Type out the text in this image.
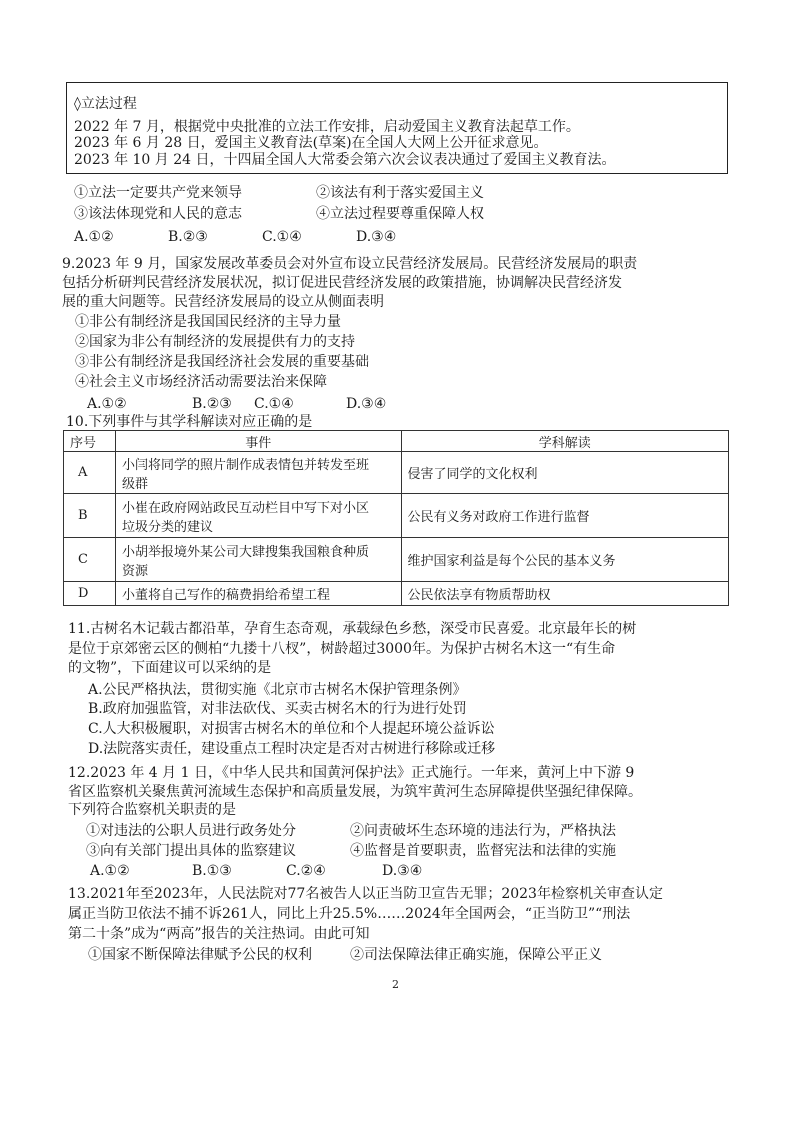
◊立法过程
2022 年 7 月，根据党中央批准的立法工作安排，启动爱国主义教育法起草工作。
2023 年 6 月 28 日，爱国主义教育法(草案)在全国人大网上公开征求意见。
2023 年 10 月 24 日，十四届全国人大常委会第六次会议表决通过了爱国主义教育法。
①立法一定要共产党来领导	②该法有利于落实爱国主义
③该法体现党和人民的意志	④立法过程要尊重保障人权
A.①②	B.②③	C.①④	D.③④
9.2023 年 9 月，国家发展改革委员会对外宣布设立民营经济发展局。民营经济发展局的职责
包括分析研判民营经济发展状况，拟订促进民营经济发展的政策措施，协调解决民营经济发
展的重大问题等。民营经济发展局的设立从侧面表明
①非公有制经济是我国国民经济的主导力量
②国家为非公有制经济的发展提供有力的支持
③非公有制经济是我国经济社会发展的重要基础
④社会主义市场经济活动需要法治来保障
A.①②	B.②③ C.①④	D.③④
10.下列事件与其学科解读对应正确的是
序号	事件	学科解读
A	小闫将同学的照片制作成表情包并转发至班
级群	侵害了同学的文化权利
B	小崔在政府网站政民互动栏目中写下对小区
垃圾分类的建议	公民有义务对政府工作进行监督
C	小胡举报境外某公司大肆搜集我国粮食种质
资源	维护国家利益是每个公民的基本义务
D	小董将自己写作的稿费捐给希望工程	公民依法享有物质帮助权
11.古树名木记载古都沿革，孕育生态奇观，承载绿色乡愁，深受市民喜爱。北京最年长的树
是位于京郊密云区的侧柏“九搂十八杈”，树龄超过3000年。为保护古树名木这一“有生命
的文物”，下面建议可以采纳的是
A.公民严格执法，贯彻实施《北京市古树名木保护管理条例》
B.政府加强监管，对非法砍伐、买卖古树名木的行为进行处罚
C.人大积极履职，对损害古树名木的单位和个人提起环境公益诉讼
D.法院落实责任，建设重点工程时决定是否对古树进行移除或迁移
12.2023 年 4 月 1 日，《中华人民共和国黄河保护法》正式施行。一年来，黄河上中下游 9
省区监察机关聚焦黄河流域生态保护和高质量发展，为筑牢黄河生态屏障提供坚强纪律保障。
下列符合监察机关职责的是
①对违法的公职人员进行政务处分	②问责破坏生态环境的违法行为，严格执法
③向有关部门提出具体的监察建议	④监督是首要职责，监督宪法和法律的实施
A.①②	B.①③	C.②④	D.③④
13.2021年至2023年，人民法院对77名被告人以正当防卫宣告无罪；2023年检察机关审查认定
属正当防卫依法不捕不诉261人，同比上升25.5%……2024年全国两会，“正当防卫”“刑法
第二十条”成为“两高”报告的关注热词。由此可知
①国家不断保障法律赋予公民的权利	②司法保障法律正确实施，保障公平正义
2
